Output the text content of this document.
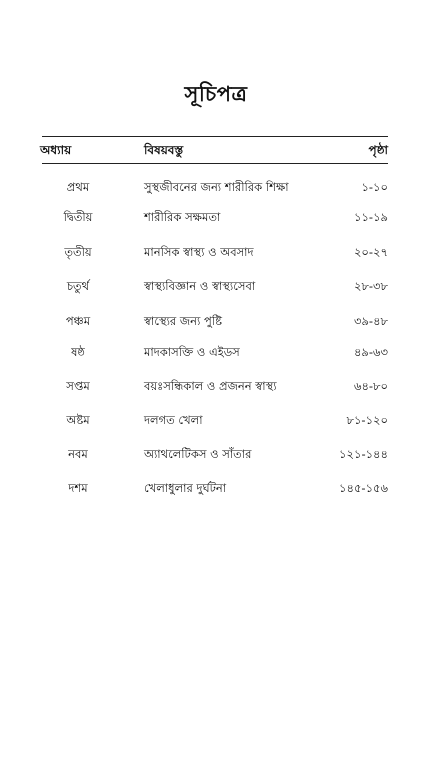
সূচিপত্র
অধ্যায়	বিষয়বস্তু	পৃষ্ঠা
প্রথম	সুস্থজীবনের জন্য শারীরিক শিক্ষা	১-১০
দ্বিতীয়	শারীরিক সক্ষমতা	১১-১৯
তৃতীয়	মানসিক স্বাস্থ্য ও অবসাদ	২০-২৭
চতুর্থ	স্বাস্থ্যবিজ্ঞান ও স্বাস্থ্যসেবা	২৮-৩৮
পঞ্চম	স্বাস্থ্যের জন্য পুষ্টি	৩৯-৪৮
ষষ্ঠ	মাদকাসক্তি ও এইডস	৪৯-৬৩
সপ্তম	বয়ঃসন্ধিকাল ও প্রজনন স্বাস্থ্য	৬৪-৮০
অষ্টম	দলগত খেলা	৮১-১২০
নবম	অ্যাথলেটিকস ও সাঁতার	১২১-১৪৪
দশম	খেলাধুলার দুর্ঘটনা	১৪৫-১৫৬
